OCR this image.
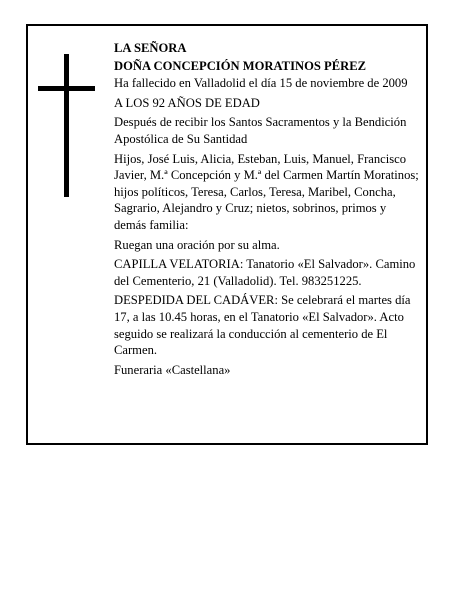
LA SEÑORA

DOÑA CONCEPCIÓN MORATINOS PÉREZ

Ha fallecido en Valladolid el día 15 de noviembre de 2009

A LOS 92 AÑOS DE EDAD

Después de recibir los Santos Sacramentos y la Bendición Apostólica de Su Santidad

Hijos, José Luis, Alicia, Esteban, Luis, Manuel, Francisco Javier, M.ª Concepción y M.ª del Carmen Martín Moratinos; hijos políticos, Teresa, Carlos, Teresa, Maribel, Concha, Sagrario, Alejandro y Cruz; nietos, sobrinos, primos y demás familia:

Ruegan una oración por su alma.

CAPILLA VELATORIA: Tanatorio «El Salvador». Camino del Cementerio, 21 (Valladolid). Tel. 983251225.

DESPEDIDA DEL CADÁVER: Se celebrará el martes día 17, a las 10.45 horas, en el Tanatorio «El Salvador». Acto seguido se realizará la conducción al cementerio de El Carmen.

Funeraria «Castellana»
